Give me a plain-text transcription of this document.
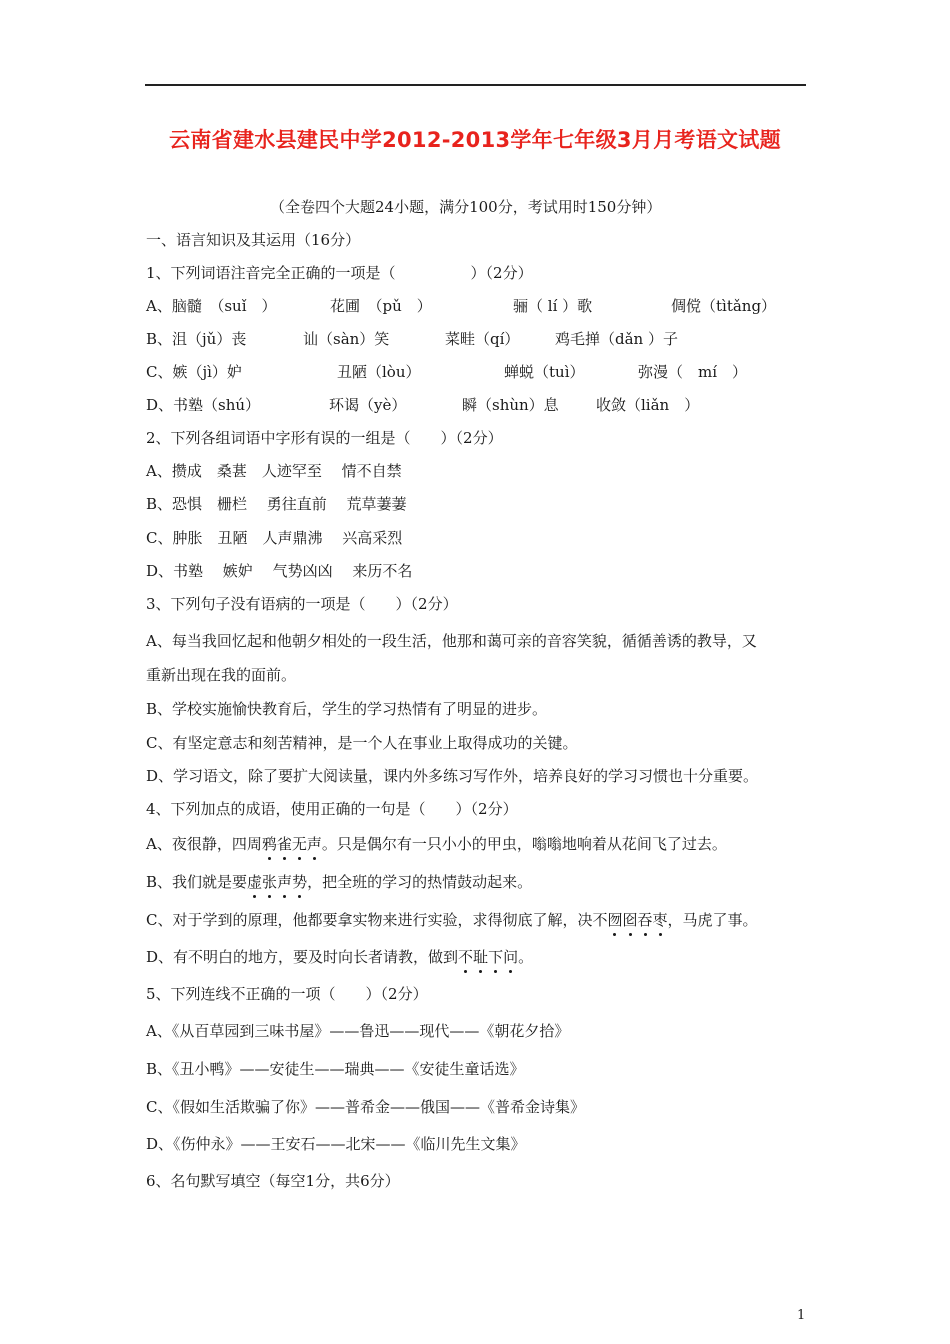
云南省建水县建民中学2012-2013学年七年级3月月考语文试题
（全卷四个大题24小题，满分100分，考试用时150分钟）
一、语言知识及其运用（16分）
1、下列词语注音完全正确的一项是（　　　　　）（2分）
A、脑髓　（suǐ　）	花圃　（pǔ　）	骊（ lí ）歌	倜傥（tìtǎng）
B、沮（jǔ）丧	讪（sàn）笑	菜畦（qí） 鸡毛掸（dǎn ）子
C、嫉（jì）妒	丑陋（lòu）	蝉蜕（tuì）	弥漫（　mí　）
D、书塾（shú）	环谒（yè）	瞬（shùn）息 收敛（liǎn　）
2、下列各组词语中字形有误的一组是（　　）（2分）
A、攒成　桑葚　人迹罕至　 情不自禁
B、恐惧　栅栏　 勇往直前　 荒草萋萋
C、肿胀　丑陋　人声鼎沸　 兴高采烈
D、书塾　 嫉妒　 气势凶凶　 来历不名
3、下列句子没有语病的一项是（　　）（2分）
A、每当我回忆起和他朝夕相处的一段生活，他那和蔼可亲的音容笑貌，循循善诱的教导，又
重新出现在我的面前。
B、学校实施愉快教育后，学生的学习热情有了明显的进步。
C、有坚定意志和刻苦精神，是一个人在事业上取得成功的关键。
D、学习语文，除了要扩大阅读量，课内外多练习写作外，培养良好的学习习惯也十分重要。
4、下列加点的成语，使用正确的一句是（　　）（2分）
A、夜很静，四周鸦雀无声。只是偶尔有一只小小的甲虫，嗡嗡地响着从花间飞了过去。
B、我们就是要虚张声势，把全班的学习的热情鼓动起来。
C、对于学到的原理，他都要拿实物来进行实验，求得彻底了解，决不囫囵吞枣，马虎了事。
D、有不明白的地方，要及时向长者请教，做到不耻下问。
5、下列连线不正确的一项（　　）（2分）
A、《从百草园到三味书屋》——鲁迅——现代——《朝花夕拾》
B、《丑小鸭》——安徒生——瑞典——《安徒生童话选》
C、《假如生活欺骗了你》——普希金——俄国——《普希金诗集》
D、《伤仲永》——王安石——北宋——《临川先生文集》
6、名句默写填空（每空1分，共6分）
1
